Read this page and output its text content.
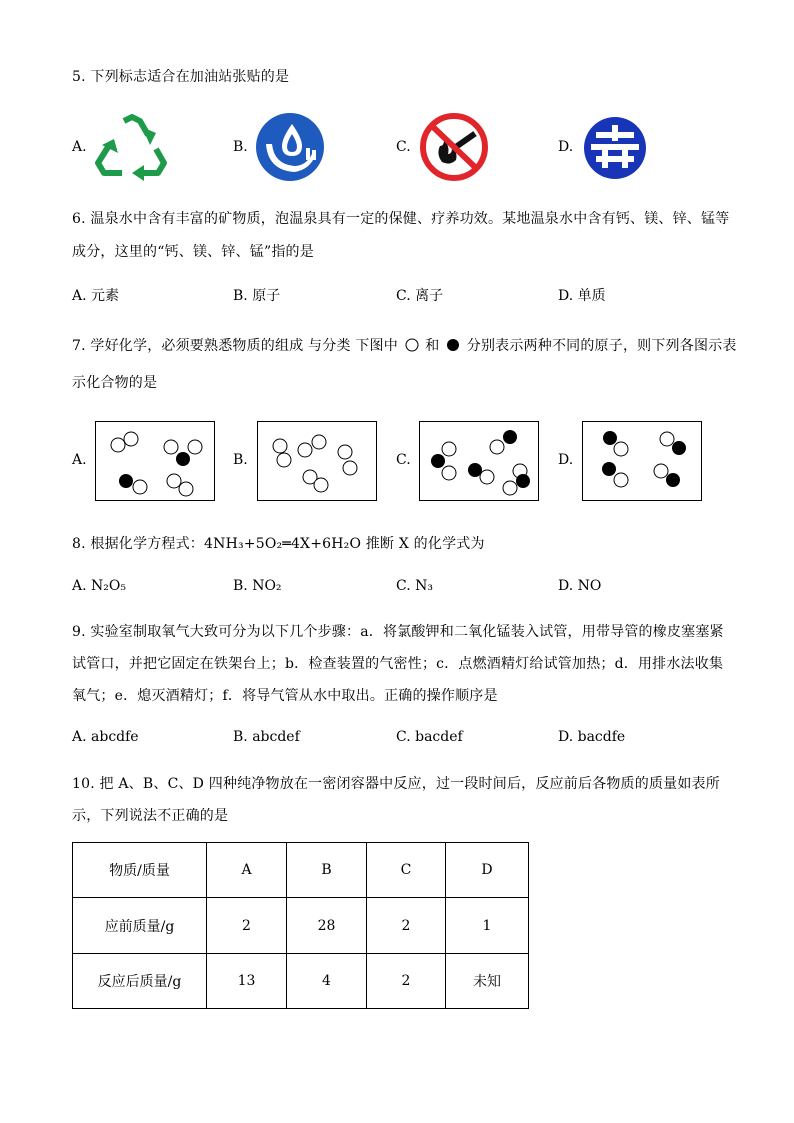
5. 下列标志适合在加油站张贴的是
A.	B.	C.	D.
6. 温泉水中含有丰富的矿物质，泡温泉具有一定的保健、疗养功效。某地温泉水中含有钙、镁、锌、锰等
成分，这里的“钙、镁、锌、锰”指的是
A. 元素	B. 原子	C. 离子	D. 单质
7. 学好化学，必须要熟悉物质的组成 与分类 下图中 和 分别表示两种不同的原子，则下列各图示表
示化合物的是
A.	B.	C.	D.
8. 根据化学方程式：4NH₃+5O₂═4X+6H₂O 推断 X 的化学式为
A. N₂O₅	B. NO₂	C. N₃	D. NO
9. 实验室制取氧气大致可分为以下几个步骤：a．将氯酸钾和二氧化锰装入试管，用带导管的橡皮塞塞紧
试管口，并把它固定在铁架台上；b．检查装置的气密性；c．点燃酒精灯给试管加热；d．用排水法收集
氧气；e．熄灭酒精灯；f．将导气管从水中取出。正确的操作顺序是
A. abcdfe	B. abcdef	C. bacdef	D. bacdfe
10. 把 A、B、C、D 四种纯净物放在一密闭容器中反应，过一段时间后，反应前后各物质的质量如表所
示，下列说法不正确的是
物质/质量	A	B	C	D
应前质量/g	2	28	2	1
反应后质量/g	13	4	2	未知
